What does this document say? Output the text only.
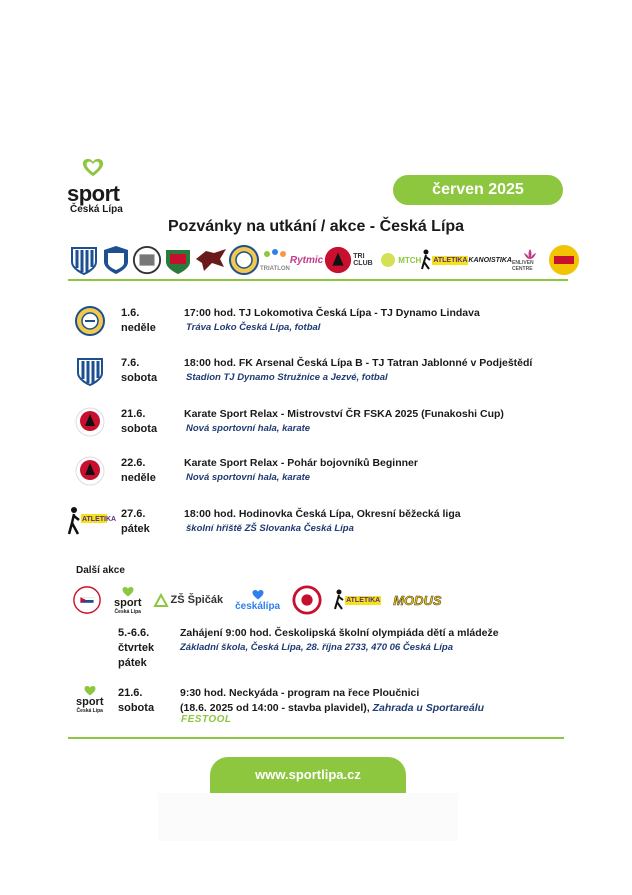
sport
Česká Lípa
červen 2025
Pozvánky na utkání / akce - Česká Lípa
TRIATLON
Rytmic	TRI CLUB	MTCH ATLETIKA KANOISTIKA ENLIVEN CENTRE
1.6.
neděle
17:00 hod. TJ Lokomotiva Česká Lípa - TJ Dynamo Lindava
Tráva Loko Česká Lípa, fotbal
7.6.
sobota
18:00 hod. FK Arsenal Česká Lípa B - TJ Tatran Jablonné v Podještědí
Stadion TJ Dynamo Stružnice a Jezvé, fotbal
21.6.
sobota
Karate Sport Relax - Mistrovství ČR FSKA 2025 (Funakoshi Cup)
Nová sportovní hala, karate
22.6.
neděle
Karate Sport Relax - Pohár bojovníků Beginner
Nová sportovní hala, karate
ATLETIKA 27.6.
pátek
18:00 hod. Hodinovka Česká Lípa, Okresní běžecká liga
školní hřiště ZŠ Slovanka Česká Lípa
Další akce
sport
Česká Lípa
ZŠ Špičák českálípa
ATLETIKA MODUS
5.-6.6.
čtvrtek
pátek
Zahájení 9:00 hod. Českolipská školní olympiáda dětí a mládeže
Základní škola, Česká Lípa, 28. října 2733, 470 06 Česká Lípa
sport
Česká Lípa
21.6.
sobota
9:30 hod. Neckyáda - program na řece Ploučnici
(18.6. 2025 od 14:00 - stavba plavidel), Zahrada u Sportareálu
FESTOOL
www.sportlipa.cz
